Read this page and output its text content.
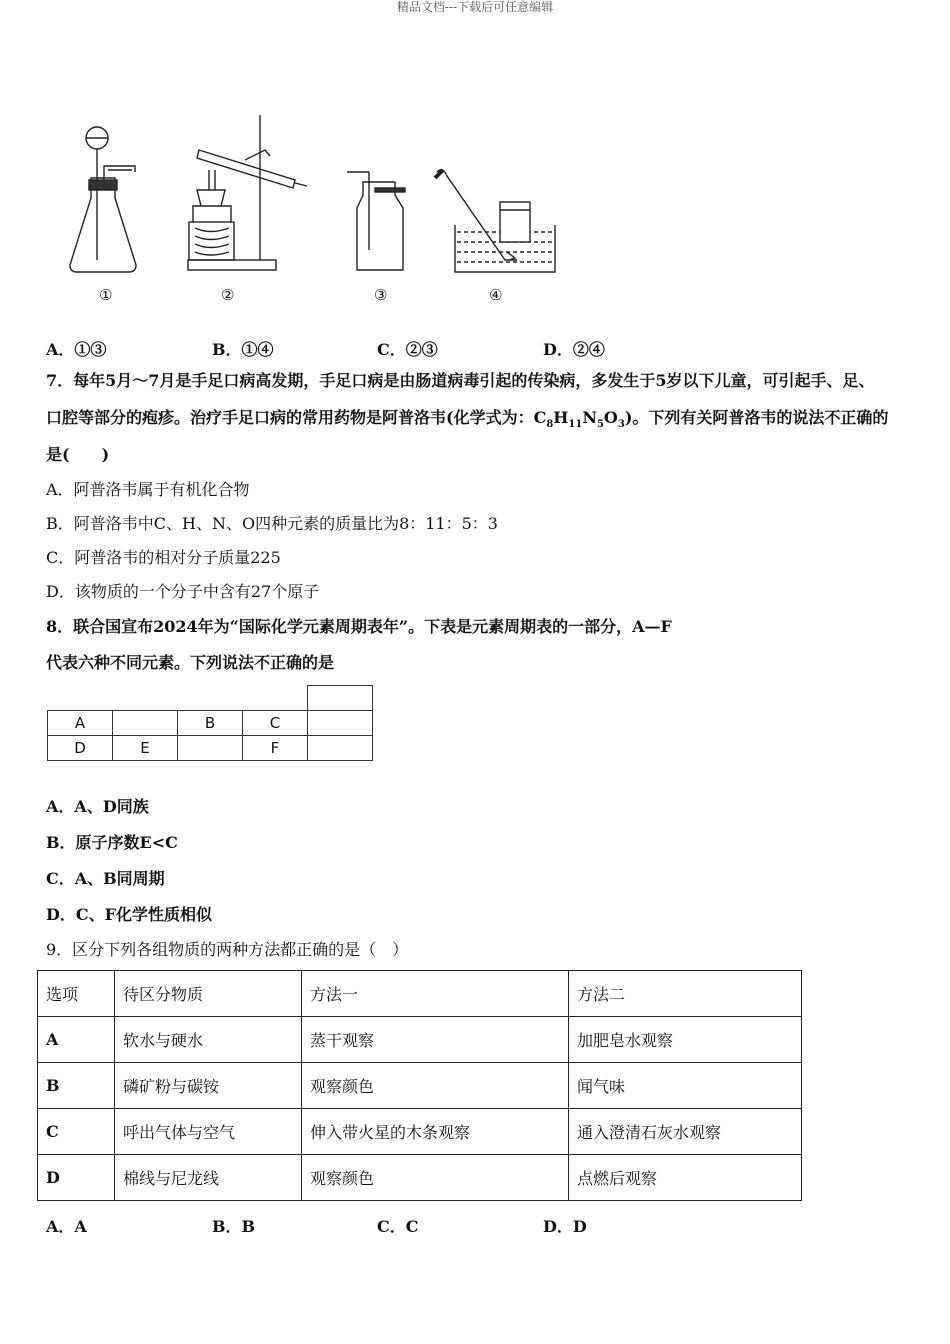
精品文档---下载后可任意编辑
①	②	③	④
A．①③	B．①④	C．②③	D．②④
7．每年5月～7月是手足口病高发期，手足口病是由肠道病毒引起的传染病，多发生于5岁以下儿童，可引起手、足、
口腔等部分的疱疹。治疗手足口病的常用药物是阿普洛韦(化学式为：$C_8H_{11}N_5O_3$)。下列有关阿普洛韦的说法不正确的
是(　　)
A．阿普洛韦属于有机化合物
B．阿普洛韦中C、H、N、O四种元素的质量比为8：11：5：3
C．阿普洛韦的相对分子质量225
D．该物质的一个分子中含有27个原子
8．联合国宣布2024年为“国际化学元素周期表年”。下表是元素周期表的一部分，A—F
代表六种不同元素。下列说法不正确的是

A		B	C	
D	E		F	
A．A、D同族
B．原子序数E<C
C．A、B同周期
D．C、F化学性质相似
9．区分下列各组物质的两种方法都正确的是（　）
选项	待区分物质	方法一	方法二
A	软水与硬水	蒸干观察	加肥皂水观察
B	磷矿粉与碳铵	观察颜色	闻气味
C	呼出气体与空气	伸入带火星的木条观察	通入澄清石灰水观察
D	棉线与尼龙线	观察颜色	点燃后观察
A．A	B．B	C．C	D．D
